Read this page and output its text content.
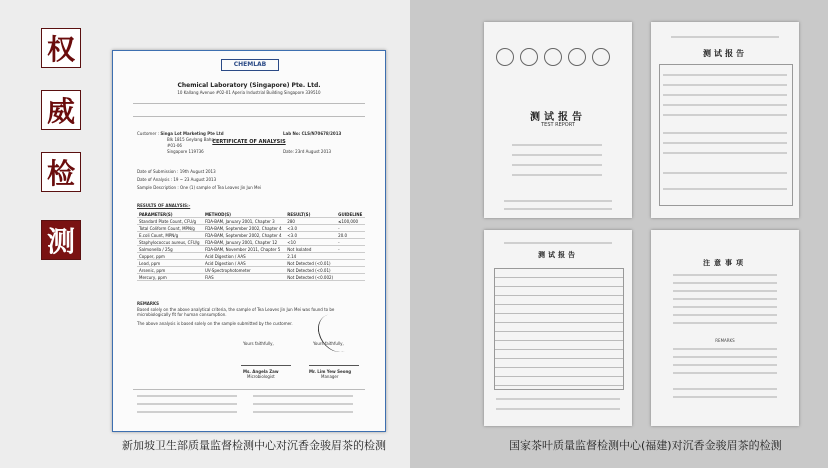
权
威
检
测
CHEMLAB
Chemical Laboratory (Singapore) Pte. Ltd.
10 Kallang Avenue #02-01 Aperia Industrial Building Singapore 339510
CERTIFICATE OF ANALYSIS
Customer : Singa Lot Marketing Pte Ltd
Blk 1815 Geylang Bahru
#01-06
Singapore 119736
Lab No: CLS/N70678/2013
Date: 23rd August 2013
Date of Submission : 19th August 2013
Date of Analysis : 19 ~ 23 August 2013
Sample Description : One (1) sample of Tea Leaves Jin Jun Mei
RESULTS OF ANALYSIS:-
PARAMETER(S)	METHOD(S)	RESULT(S)	GUIDELINE
Standard Plate Count, CFU/g	FDA-BAM, January 2001, Chapter 3	280	≤100,000
Total Coliform Count, MPN/g	FDA-BAM, September 2002, Chapter 4	<3.0	-
E.coli Count, MPN/g	FDA-BAM, September 2002, Chapter 4	<3.0	20.0
Staphylococcus aureus, CFU/g	FDA-BAM, January 2001, Chapter 12	<10	-
Salmonella / 25g	FDA-BAM, November 2011, Chapter 5	Not Isolated	-
Copper, ppm	Acid Digestion / AAS	2.14	
Lead, ppm	Acid Digestion / AAS	Not Detected (<0.01)	
Arsenic, ppm	UV-Spectrophotometer	Not Detected (<0.01)	
Mercury, ppm	FIAS	Not Detected (<0.002)	
REMARKS
Based solely on the above analytical criteria, the sample of Tea Leaves Jin Jun Mei was found to be microbiologically fit for human consumption.
The above analysis is based solely on the sample submitted by the customer.
Yours faithfully,	Yours faithfully,
Ms. Angela Zaw
Microbiologist
Mr. Lim Yew Seong
Manager
测试报告
TEST REPORT
测试报告
测试报告
注意事项
REMARKS
新加坡卫生部质量监督检测中心对沉香金骏眉茶的检测	国家茶叶质量监督检测中心(福建)对沉香金骏眉茶的检测
